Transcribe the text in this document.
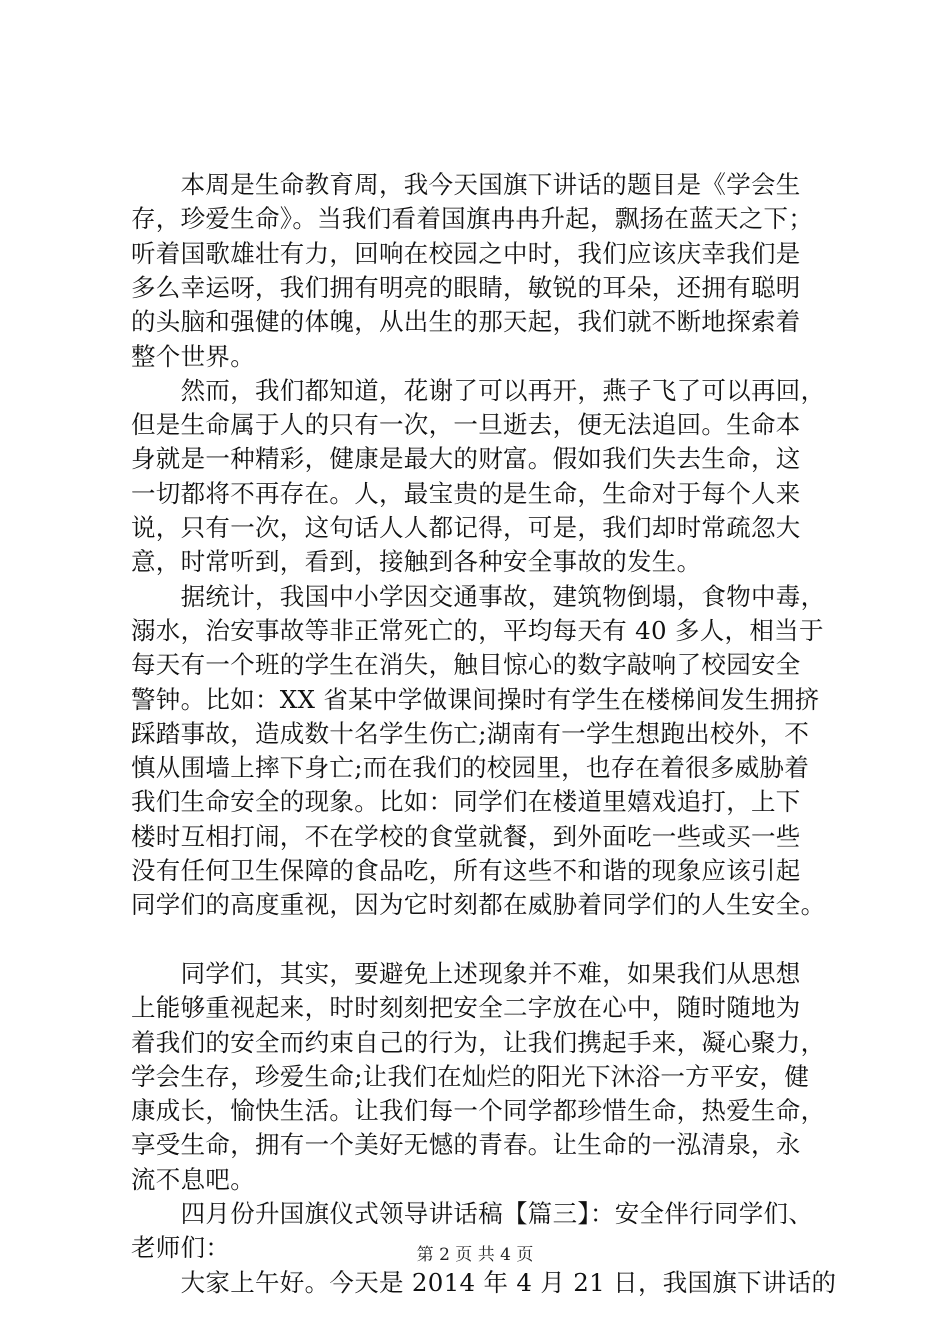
　　本周是生命教育周，我今天国旗下讲话的题目是《学会生
存，珍爱生命》。当我们看着国旗冉冉升起，飘扬在蓝天之下；
听着国歌雄壮有力，回响在校园之中时，我们应该庆幸我们是
多么幸运呀，我们拥有明亮的眼睛，敏锐的耳朵，还拥有聪明
的头脑和强健的体魄，从出生的那天起，我们就不断地探索着
整个世界。
　　然而，我们都知道，花谢了可以再开，燕子飞了可以再回，
但是生命属于人的只有一次，一旦逝去，便无法追回。生命本
身就是一种精彩，健康是最大的财富。假如我们失去生命，这
一切都将不再存在。人，最宝贵的是生命，生命对于每个人来
说，只有一次，这句话人人都记得，可是，我们却时常疏忽大
意，时常听到，看到，接触到各种安全事故的发生。
　　据统计，我国中小学因交通事故，建筑物倒塌，食物中毒，
溺水，治安事故等非正常死亡的，平均每天有 40 多人，相当于
每天有一个班的学生在消失，触目惊心的数字敲响了校园安全
警钟。比如：XX 省某中学做课间操时有学生在楼梯间发生拥挤
踩踏事故，造成数十名学生伤亡;湖南有一学生想跑出校外，不
慎从围墙上摔下身亡;而在我们的校园里，也存在着很多威胁着
我们生命安全的现象。比如：同学们在楼道里嬉戏追打，上下
楼时互相打闹，不在学校的食堂就餐，到外面吃一些或买一些
没有任何卫生保障的食品吃，所有这些不和谐的现象应该引起
同学们的高度重视，因为它时刻都在威胁着同学们的人生安全。
　　同学们，其实，要避免上述现象并不难，如果我们从思想
上能够重视起来，时时刻刻把安全二字放在心中，随时随地为
着我们的安全而约束自己的行为，让我们携起手来，凝心聚力，
学会生存，珍爱生命;让我们在灿烂的阳光下沐浴一方平安，健
康成长，愉快生活。让我们每一个同学都珍惜生命，热爱生命，
享受生命，拥有一个美好无憾的青春。让生命的一泓清泉，永
流不息吧。
　　四月份升国旗仪式领导讲话稿【篇三】：安全伴行同学们、
老师们：
　　大家上午好。今天是 2014 年 4 月 21 日，我国旗下讲话的
第 2 页 共 4 页
